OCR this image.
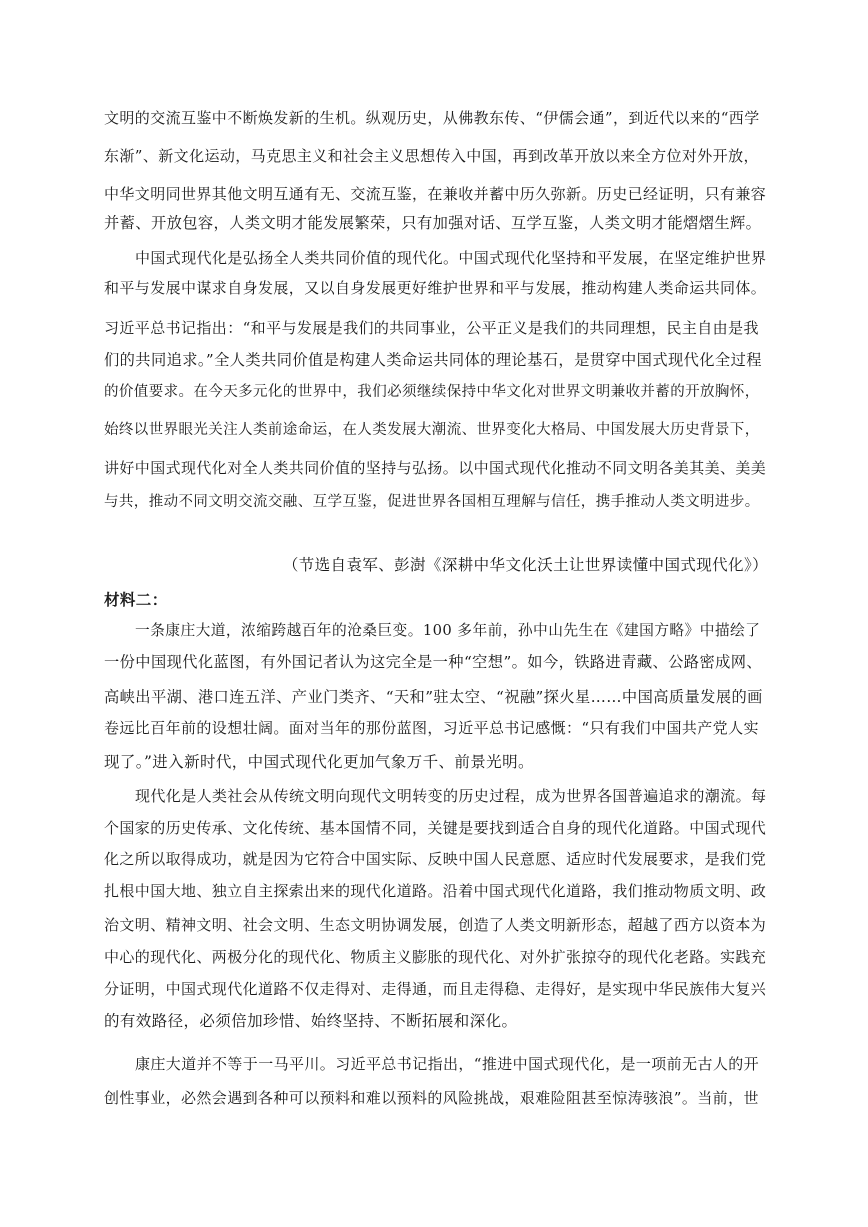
文明的交流互鉴中不断焕发新的生机。纵观历史，从佛教东传、“伊儒会通”，到近代以来的“西学
东渐”、新文化运动，马克思主义和社会主义思想传入中国，再到改革开放以来全方位对外开放，
中华文明同世界其他文明互通有无、交流互鉴，在兼收并蓄中历久弥新。历史已经证明，只有兼容
并蓄、开放包容，人类文明才能发展繁荣，只有加强对话、互学互鉴，人类文明才能熠熠生辉。
中国式现代化是弘扬全人类共同价值的现代化。中国式现代化坚持和平发展，在坚定维护世界
和平与发展中谋求自身发展，又以自身发展更好维护世界和平与发展，推动构建人类命运共同体。
习近平总书记指出：“和平与发展是我们的共同事业，公平正义是我们的共同理想，民主自由是我
们的共同追求。”全人类共同价值是构建人类命运共同体的理论基石，是贯穿中国式现代化全过程
的价值要求。在今天多元化的世界中，我们必须继续保持中华文化对世界文明兼收并蓄的开放胸怀，
始终以世界眼光关注人类前途命运，在人类发展大潮流、世界变化大格局、中国发展大历史背景下，
讲好中国式现代化对全人类共同价值的坚持与弘扬。以中国式现代化推动不同文明各美其美、美美
与共，推动不同文明交流交融、互学互鉴，促进世界各国相互理解与信任，携手推动人类文明进步。
（节选自袁军、彭澍《深耕中华文化沃土让世界读懂中国式现代化》）
材料二：
一条康庄大道，浓缩跨越百年的沧桑巨变。100 多年前，孙中山先生在《建国方略》中描绘了
一份中国现代化蓝图，有外国记者认为这完全是一种“空想”。如今，铁路进青藏、公路密成网、
高峡出平湖、港口连五洋、产业门类齐、“天和”驻太空、“祝融”探火星……中国高质量发展的画
卷远比百年前的设想壮阔。面对当年的那份蓝图，习近平总书记感慨：“只有我们中国共产党人实
现了。”进入新时代，中国式现代化更加气象万千、前景光明。
现代化是人类社会从传统文明向现代文明转变的历史过程，成为世界各国普遍追求的潮流。每
个国家的历史传承、文化传统、基本国情不同，关键是要找到适合自身的现代化道路。中国式现代
化之所以取得成功，就是因为它符合中国实际、反映中国人民意愿、适应时代发展要求，是我们党
扎根中国大地、独立自主探索出来的现代化道路。沿着中国式现代化道路，我们推动物质文明、政
治文明、精神文明、社会文明、生态文明协调发展，创造了人类文明新形态，超越了西方以资本为
中心的现代化、两极分化的现代化、物质主义膨胀的现代化、对外扩张掠夺的现代化老路。实践充
分证明，中国式现代化道路不仅走得对、走得通，而且走得稳、走得好，是实现中华民族伟大复兴
的有效路径，必须倍加珍惜、始终坚持、不断拓展和深化。
康庄大道并不等于一马平川。习近平总书记指出，“推进中国式现代化，是一项前无古人的开
创性事业，必然会遇到各种可以预料和难以预料的风险挑战，艰难险阻甚至惊涛骇浪”。当前，世
